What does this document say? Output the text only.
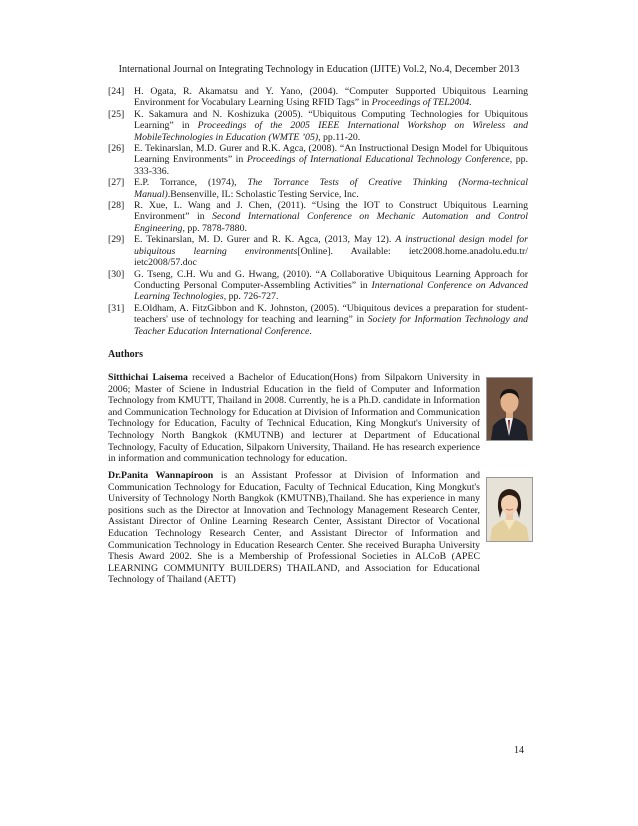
International Journal on Integrating Technology in Education (IJITE) Vol.2, No.4, December 2013
[24] H. Ogata, R. Akamatsu and Y. Yano, (2004). “Computer Supported Ubiquitous Learning Environment for Vocabulary Learning Using RFID Tags” in Proceedings of TEL2004.
[25] K. Sakamura and N. Koshizuka (2005). “Ubiquitous Computing Technologies for Ubiquitous Learning” in Proceedings of the 2005 IEEE International Workshop on Wireless and MobileTechnologies in Education (WMTE ’05), pp.11-20.
[26] E. Tekinarslan, M.D. Gurer and R.K. Agca, (2008). “An Instructional Design Model for Ubiquitous Learning Environments” in Proceedings of International Educational Technology Conference, pp. 333-336.
[27] E.P. Torrance, (1974), The Torrance Tests of Creative Thinking (Norma-technical Manual).Bensenville, IL: Scholastic Testing Service, Inc.
[28] R. Xue, L. Wang and J. Chen, (2011). “Using the IOT to Construct Ubiquitous Learning Environment” in Second International Conference on Mechanic Automation and Control Engineering, pp. 7878-7880.
[29] E. Tekinarslan, M. D. Gurer and R. K. Agca, (2013, May 12). A instructional design model for ubiquitous learning environments[Online]. Available: ietc2008.home.anadolu.edu.tr/ ietc2008/57.doc
[30] G. Tseng, C.H. Wu and G. Hwang, (2010). “A Collaborative Ubiquitous Learning Approach for Conducting Personal Computer-Assembling Activities” in International Conference on Advanced Learning Technologies, pp. 726-727.
[31] E.Oldham, A. FitzGibbon and K. Johnston, (2005). “Ubiquitous devices a preparation for student-teachers' use of technology for teaching and learning” in Society for Information Technology and Teacher Education International Conference.
Authors
Sitthichai Laisema received a Bachelor of Education(Hons) from Silpakorn University in 2006; Master of Sciene in Industrial Education in the field of Computer and Information Technology from KMUTT, Thailand in 2008. Currently, he is a Ph.D. candidate in Information and Communication Technology for Education at Division of Information and Communication Technology for Education, Faculty of Technical Education, King Mongkut's University of Technology North Bangkok (KMUTNB) and lecturer at Department of Educational Technology, Faculty of Education, Silpakorn University, Thailand. He has research experience in information and communication technology for education.
Dr.Panita Wannapiroon is an Assistant Professor at Division of Information and Communication Technology for Education, Faculty of Technical Education, King Mongkut's University of Technology North Bangkok (KMUTNB),Thailand. She has experience in many positions such as the Director at Innovation and Technology Management Research Center, Assistant Director of Online Learning Research Center, Assistant Director of Vocational Education Technology Research Center, and Assistant Director of Information and Communication Technology in Education Research Center. She received Burapha University Thesis Award 2002. She is a Membership of Professional Societies in ALCoB (APEC LEARNING COMMUNITY BUILDERS) THAILAND, and Association for Educational Technology of Thailand (AETT)
14
